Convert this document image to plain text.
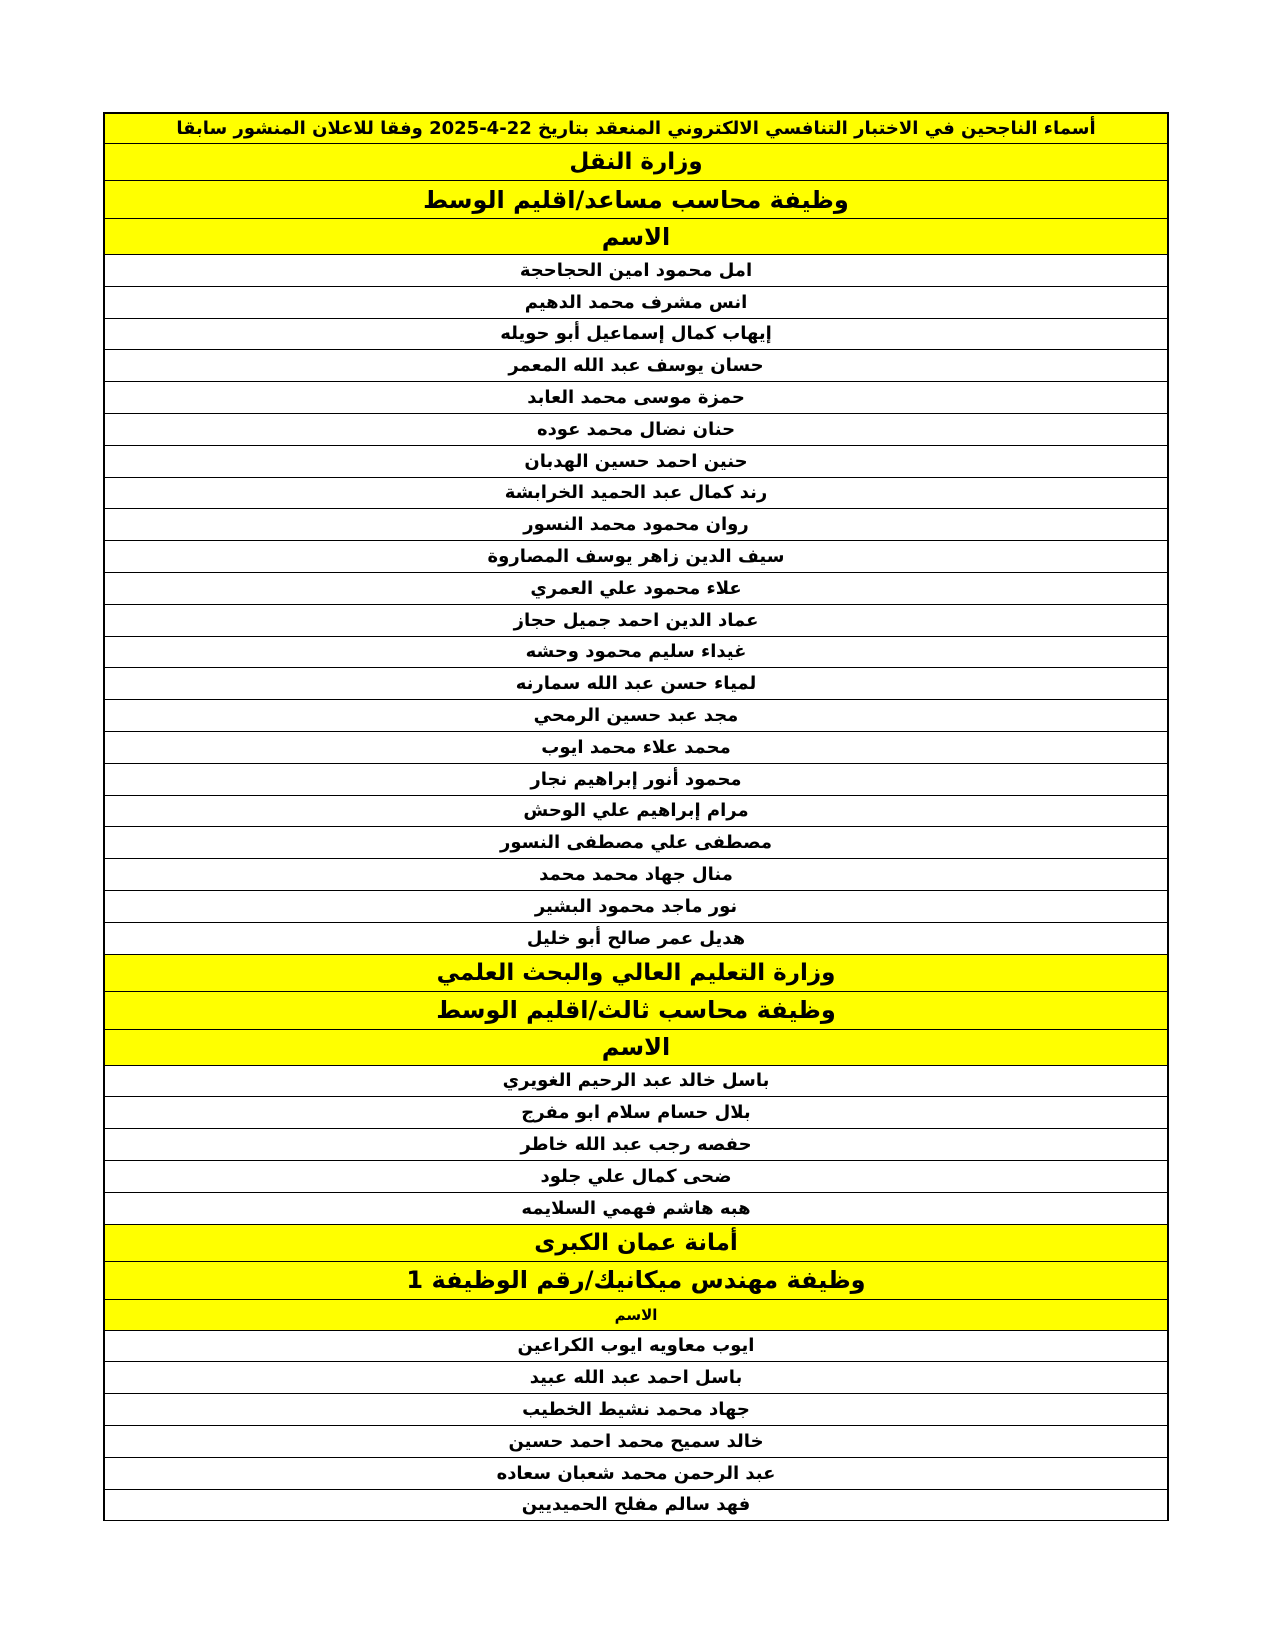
أسماء الناجحين في الاختبار التنافسي الالكتروني المنعقد بتاريخ 22-4-2025 وفقا للاعلان المنشور سابقا
وزارة النقل
وظيفة محاسب مساعد/اقليم الوسط
الاسم
امل محمود امين الحجاحجة
انس مشرف محمد الدهيم
إيهاب كمال إسماعيل أبو حويله
حسان يوسف عبد الله المعمر
حمزة موسى محمد العابد
حنان نضال محمد عوده
حنين احمد حسين الهدبان
رند كمال عبد الحميد الخرابشة
روان محمود محمد النسور
سيف الدين زاهر يوسف المصاروة
علاء محمود علي العمري
عماد الدين احمد جميل حجاز
غيداء سليم محمود وحشه
لمياء حسن عبد الله سمارنه
مجد عبد حسين الرمحي
محمد علاء محمد ايوب
محمود أنور إبراهيم نجار
مرام إبراهيم علي الوحش
مصطفى علي مصطفى النسور
منال جهاد محمد محمد
نور ماجد محمود البشير
هديل عمر صالح أبو خليل
وزارة التعليم العالي والبحث العلمي
وظيفة محاسب ثالث/اقليم الوسط
الاسم
باسل خالد عبد الرحيم الغويري
بلال حسام سلام ابو مفرج
حفصه رجب عبد الله خاطر
ضحى كمال علي جلود
هبه هاشم فهمي السلايمه
أمانة عمان الكبرى
وظيفة مهندس ميكانيك/رقم الوظيفة 1
الاسم
ايوب معاويه ايوب الكراعين
باسل احمد عبد الله عبيد
جهاد محمد نشيط الخطيب
خالد سميح محمد احمد حسين
عبد الرحمن محمد شعبان سعاده
فهد سالم مفلح الحميديين
